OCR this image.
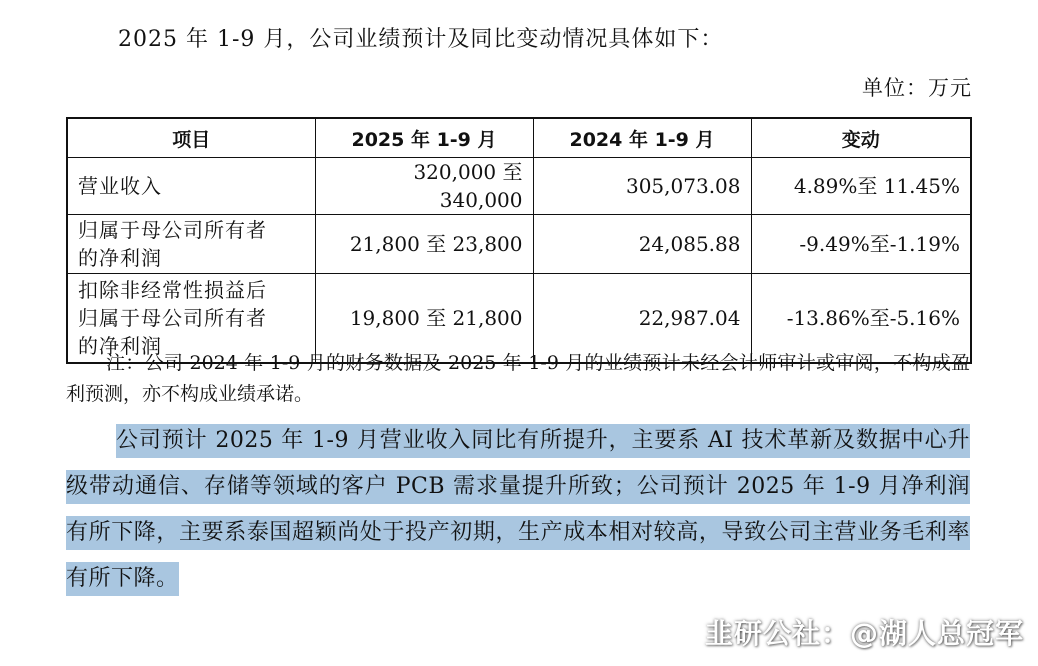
2025 年 1-9 月，公司业绩预计及同比变动情况具体如下：
单位：万元
项目	2025 年 1-9 月	2024 年 1-9 月	变动
营业收入	320,000 至 340,000	305,073.08	4.89%至 11.45%
归属于母公司所有者
的净利润	21,800 至 23,800	24,085.88	-9.49%至-1.19%
扣除非经常性损益后
归属于母公司所有者
的净利润	19,800 至 21,800	22,987.04	-13.86%至-5.16%
注：公司 2024 年 1-9 月的财务数据及 2025 年 1-9 月的业绩预计未经会计师审计或审阅，不构成盈利预测，亦不构成业绩承诺。
公司预计 2025 年 1-9 月营业收入同比有所提升，主要系 AI 技术革新及数据中心升级带动通信、存储等领域的客户 PCB 需求量提升所致；公司预计 2025 年 1-9 月净利润有所下降，主要系泰国超颖尚处于投产初期，生产成本相对较高，导致公司主营业务毛利率有所下降。
韭研公社：@湖人总冠军
